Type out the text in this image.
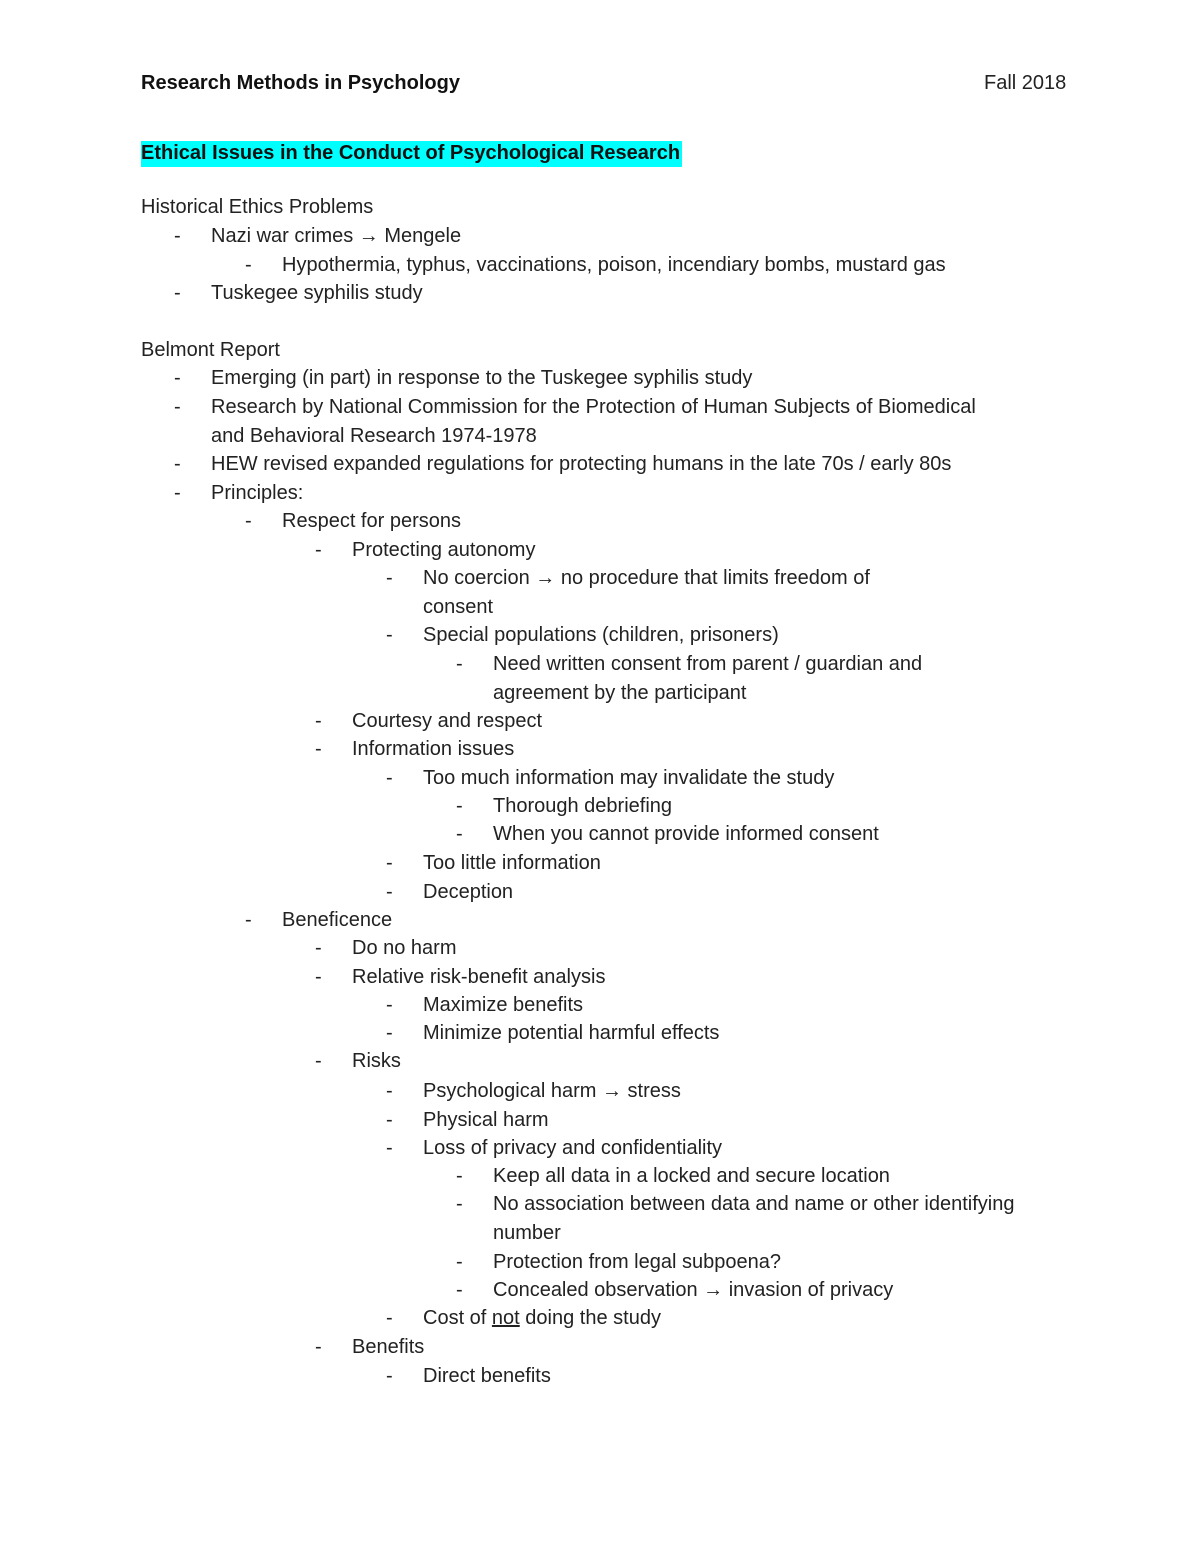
Research Methods in Psychology	Fall 2018
Ethical Issues in the Conduct of Psychological Research
Historical Ethics Problems
- Nazi war crimes → Mengele
- Hypothermia, typhus, vaccinations, poison, incendiary bombs, mustard gas
- Tuskegee syphilis study
Belmont Report
- Emerging (in part) in response to the Tuskegee syphilis study
- Research by National Commission for the Protection of Human Subjects of Biomedical
and Behavioral Research 1974-1978
- HEW revised expanded regulations for protecting humans in the late 70s / early 80s
- Principles:
- Respect for persons
- Protecting autonomy
- No coercion → no procedure that limits freedom of
consent
- Special populations (children, prisoners)
- Need written consent from parent / guardian and
agreement by the participant
- Courtesy and respect
- Information issues
- Too much information may invalidate the study
- Thorough debriefing
- When you cannot provide informed consent
- Too little information
- Deception
- Beneficence
- Do no harm
- Relative risk-benefit analysis
- Maximize benefits
- Minimize potential harmful effects
- Risks
- Psychological harm → stress
- Physical harm
- Loss of privacy and confidentiality
- Keep all data in a locked and secure location
- No association between data and name or other identifying
number
- Protection from legal subpoena?
- Concealed observation → invasion of privacy
- Cost of not doing the study
- Benefits
- Direct benefits
